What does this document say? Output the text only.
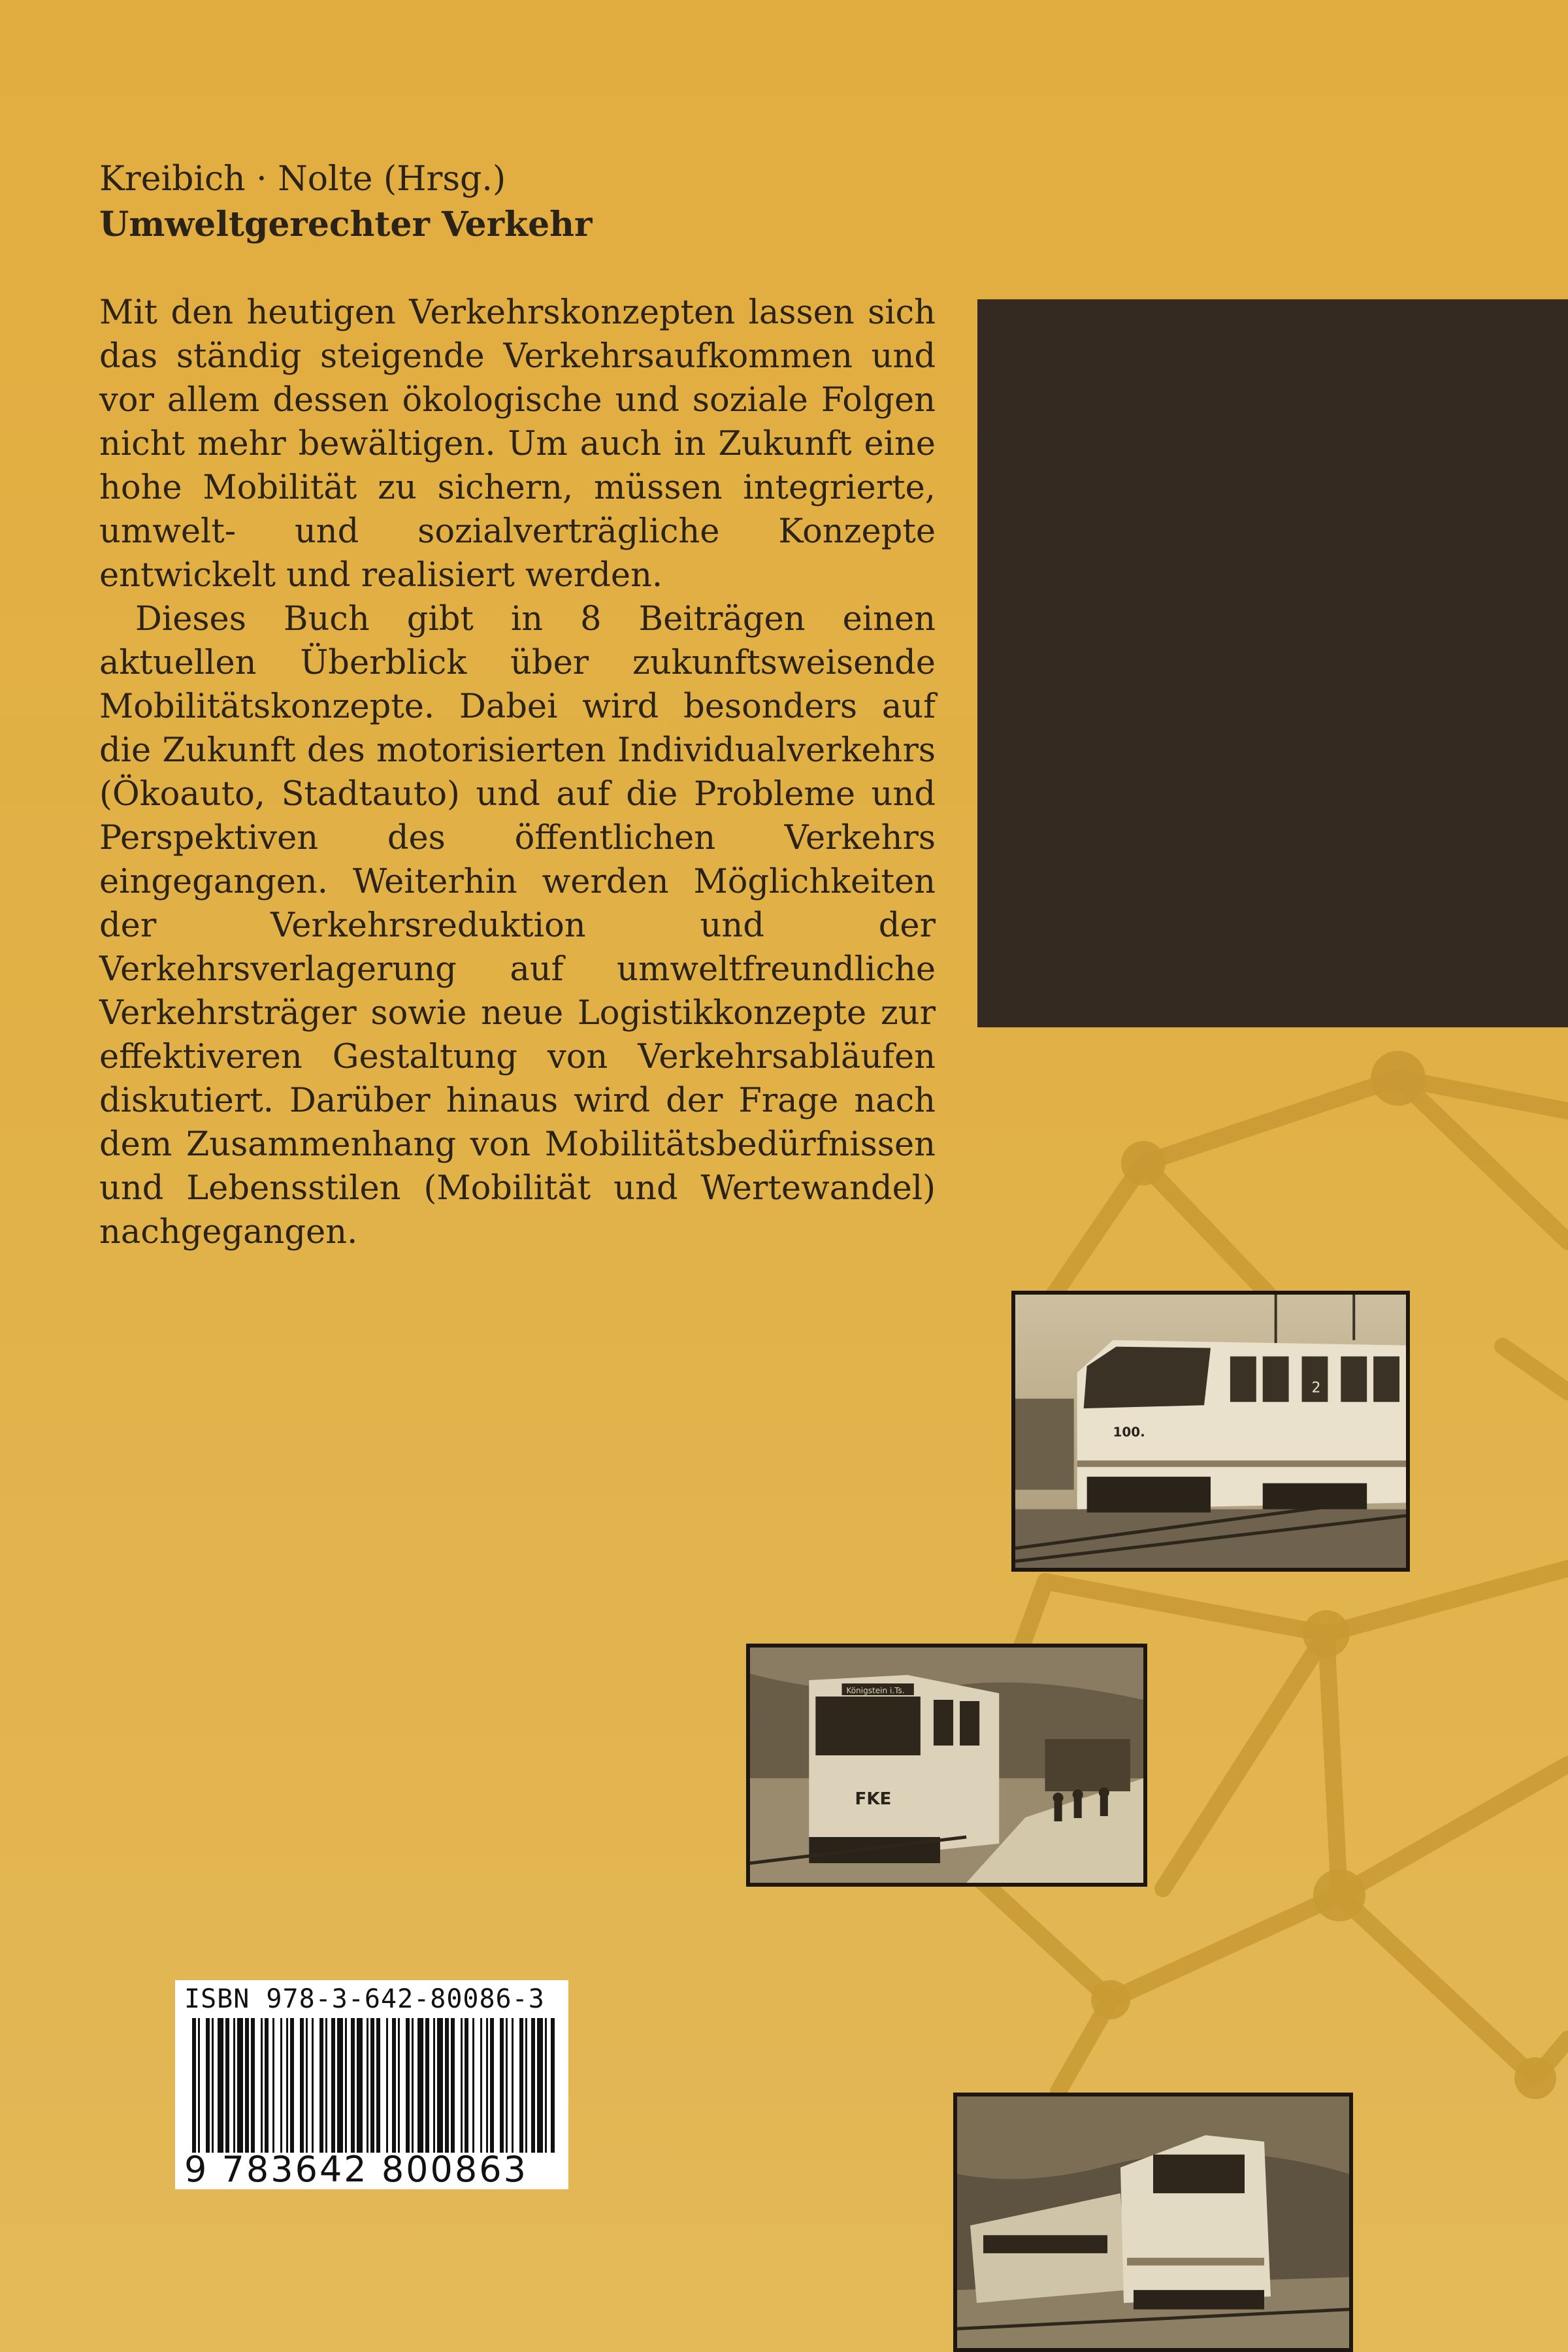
Kreibich · Nolte (Hrsg.)
Umweltgerechter Verkehr

Mit den heutigen Verkehrskonzepten lassen sich das ständig steigende Verkehrsaufkommen und vor allem dessen ökologische und soziale Folgen nicht mehr bewältigen. Um auch in Zukunft eine hohe Mobilität zu sichern, müssen integrierte, umwelt- und sozialverträgliche Konzepte entwickelt und realisiert werden.

Dieses Buch gibt in 8 Beiträgen einen aktuellen Überblick über zukunftsweisende Mobilitätskonzepte. Dabei wird besonders auf die Zukunft des motorisierten Individualverkehrs (Ökoauto, Stadtauto) und auf die Probleme und Perspektiven des öffentlichen Verkehrs eingegangen. Weiterhin werden Möglichkeiten der Verkehrsreduktion und der Verkehrsverlagerung auf umweltfreundliche Verkehrsträger sowie neue Logistikkonzepte zur effektiveren Gestaltung von Verkehrsabläufen diskutiert. Darüber hinaus wird der Frage nach dem Zusammenhang von Mobilitätsbedürfnissen und Lebensstilen (Mobilität und Wertewandel) nachgegangen.

100.
2
Königstein i.Ts.
FKE
ISBN 978-3-642-80086-3
9 783642 800863
